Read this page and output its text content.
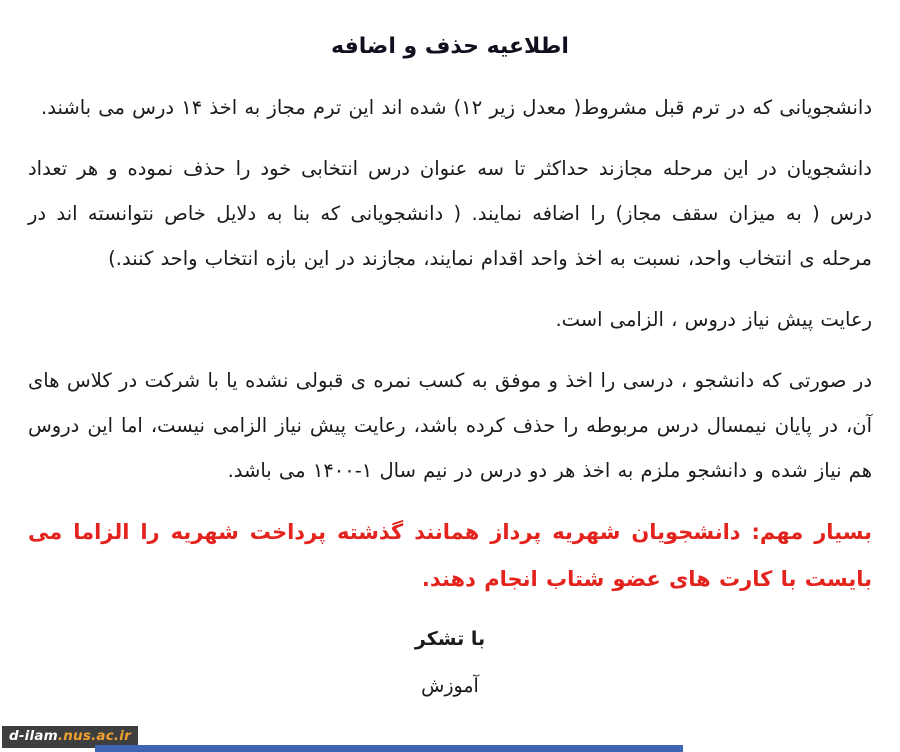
اطلاعیه حذف و اضافه

دانشجویانی که در ترم قبل مشروط( معدل زیر ۱۲) شده اند این ترم مجاز به اخذ ۱۴ درس می باشند.

دانشجویان در این مرحله مجازند حداکثر تا سه عنوان درس انتخابی خود را حذف نموده و هر تعداد درس ( به میزان سقف مجاز) را اضافه نمایند. ( دانشجویانی که بنا به دلایل خاص نتوانسته اند در مرحله ی انتخاب واحد، نسبت به اخذ واحد اقدام نمایند، مجازند در این بازه انتخاب واحد کنند.)

رعایت پیش نیاز دروس ، الزامی است.

در صورتی که دانشجو ، درسی را اخذ و موفق به کسب نمره ی قبولی نشده یا با شرکت در کلاس های آن، در پایان نیمسال درس مربوطه را حذف کرده باشد، رعایت پیش نیاز الزامی نیست، اما این دروس هم نیاز شده و دانشجو ملزم به اخذ هر دو درس در نیم سال ۱-۱۴۰۰ می باشد.

بسیار مهم: دانشجویان شهریه پرداز همانند گذشته پرداخت شهریه را الزاما می بایست با کارت های عضو شتاب انجام دهند.

با تشکر

آموزش

d-ilam.nus.ac.ir
